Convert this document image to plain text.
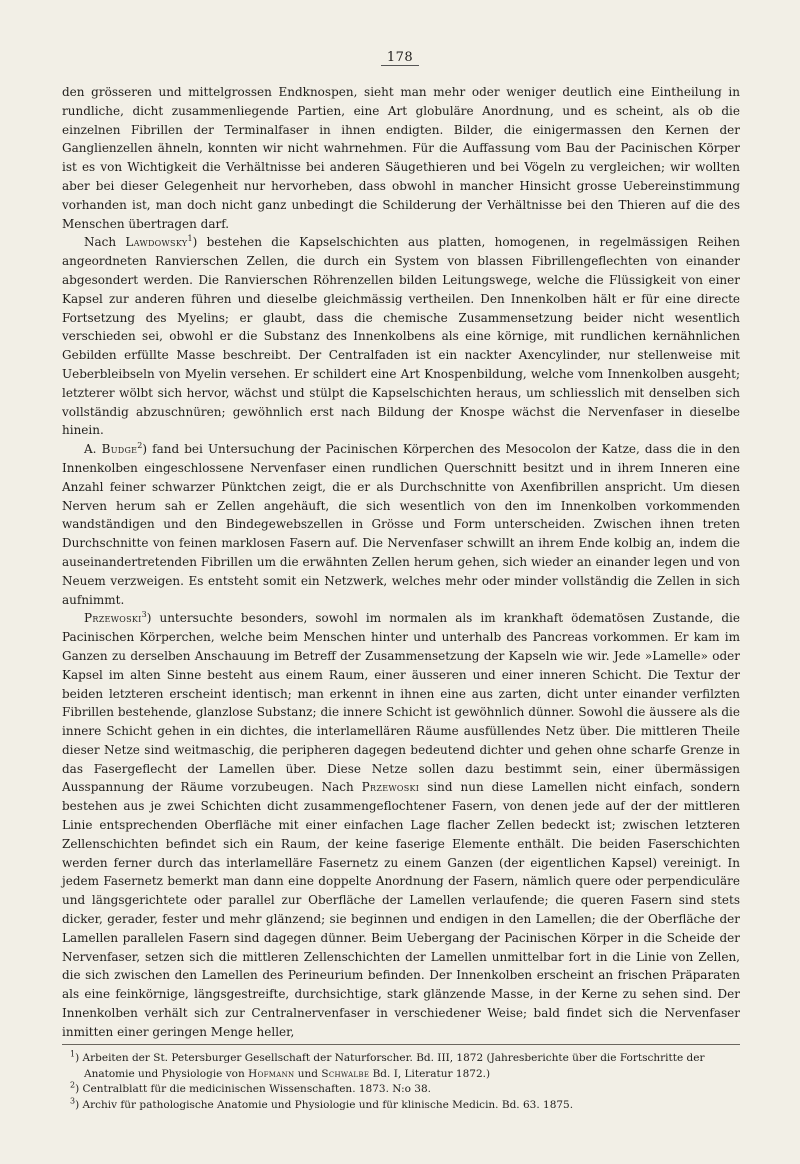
178

den grösseren und mittelgrossen Endknospen, sieht man mehr oder weniger deutlich eine Eintheilung in rundliche, dicht zusammenliegende Partien, eine Art globuläre Anordnung, und es scheint, als ob die einzelnen Fibrillen der Terminalfaser in ihnen endigten. Bilder, die einigermassen den Kernen der Ganglienzellen ähneln, konnten wir nicht wahrnehmen. Für die Auffassung vom Bau der Pacinischen Körper ist es von Wichtigkeit die Verhältnisse bei anderen Säugethieren und bei Vögeln zu vergleichen; wir wollten aber bei dieser Gelegenheit nur hervorheben, dass obwohl in mancher Hinsicht grosse Uebereinstimmung vorhanden ist, man doch nicht ganz unbedingt die Schilderung der Verhältnisse bei den Thieren auf die des Menschen übertragen darf.

Nach Lawdowsky$^1$) bestehen die Kapselschichten aus platten, homogenen, in regelmässigen Reihen angeordneten Ranvierschen Zellen, die durch ein System von blassen Fibrillengeflechten von einander abgesondert werden. Die Ranvierschen Röhrenzellen bilden Leitungswege, welche die Flüssigkeit von einer Kapsel zur anderen führen und dieselbe gleichmässig vertheilen. Den Innenkolben hält er für eine directe Fortsetzung des Myelins; er glaubt, dass die chemische Zusammensetzung beider nicht wesentlich verschieden sei, obwohl er die Substanz des Innenkolbens als eine körnige, mit rundlichen kernähnlichen Gebilden erfüllte Masse beschreibt. Der Centralfaden ist ein nackter Axencylinder, nur stellenweise mit Ueberbleibseln von Myelin versehen. Er schildert eine Art Knospenbildung, welche vom Innenkolben ausgeht; letzterer wölbt sich hervor, wächst und stülpt die Kapselschichten heraus, um schliesslich mit denselben sich vollständig abzuschnüren; gewöhnlich erst nach Bildung der Knospe wächst die Nervenfaser in dieselbe hinein.

A. Budge$^2$) fand bei Untersuchung der Pacinischen Körperchen des Mesocolon der Katze, dass die in den Innenkolben eingeschlossene Nervenfaser einen rundlichen Querschnitt besitzt und in ihrem Inneren eine Anzahl feiner schwarzer Pünktchen zeigt, die er als Durchschnitte von Axenfibrillen anspricht. Um diesen Nerven herum sah er Zellen angehäuft, die sich wesentlich von den im Innenkolben vorkommenden wandständigen und den Bindegewebszellen in Grösse und Form unterscheiden. Zwischen ihnen treten Durchschnitte von feinen marklosen Fasern auf. Die Nervenfaser schwillt an ihrem Ende kolbig an, indem die auseinandertretenden Fibrillen um die erwähnten Zellen herum gehen, sich wieder an einander legen und von Neuem verzweigen. Es entsteht somit ein Netzwerk, welches mehr oder minder vollständig die Zellen in sich aufnimmt.

Przewoski$^3$) untersuchte besonders, sowohl im normalen als im krankhaft ödematösen Zustande, die Pacinischen Körperchen, welche beim Menschen hinter und unterhalb des Pancreas vorkommen. Er kam im Ganzen zu derselben Anschauung im Betreff der Zusammensetzung der Kapseln wie wir. Jede »Lamelle» oder Kapsel im alten Sinne besteht aus einem Raum, einer äusseren und einer inneren Schicht. Die Textur der beiden letzteren erscheint identisch; man erkennt in ihnen eine aus zarten, dicht unter einander verfilzten Fibrillen bestehende, glanzlose Substanz; die innere Schicht ist gewöhnlich dünner. Sowohl die äussere als die innere Schicht gehen in ein dichtes, die interlamellären Räume ausfüllendes Netz über. Die mittleren Theile dieser Netze sind weitmaschig, die peripheren dagegen bedeutend dichter und gehen ohne scharfe Grenze in das Fasergeflecht der Lamellen über. Diese Netze sollen dazu bestimmt sein, einer übermässigen Ausspannung der Räume vorzubeugen. Nach Przewoski sind nun diese Lamellen nicht einfach, sondern bestehen aus je zwei Schichten dicht zusammengeflochtener Fasern, von denen jede auf der der mittleren Linie entsprechenden Oberfläche mit einer einfachen Lage flacher Zellen bedeckt ist; zwischen letzteren Zellenschichten befindet sich ein Raum, der keine faserige Elemente enthält. Die beiden Faserschichten werden ferner durch das interlamelläre Fasernetz zu einem Ganzen (der eigentlichen Kapsel) vereinigt. In jedem Fasernetz bemerkt man dann eine doppelte Anordnung der Fasern, nämlich quere oder perpendiculäre und längsgerichtete oder parallel zur Oberfläche der Lamellen verlaufende; die queren Fasern sind stets dicker, gerader, fester und mehr glänzend; sie beginnen und endigen in den Lamellen; die der Oberfläche der Lamellen parallelen Fasern sind dagegen dünner. Beim Uebergang der Pacinischen Körper in die Scheide der Nervenfaser, setzen sich die mittleren Zellenschichten der Lamellen unmittelbar fort in die Linie von Zellen, die sich zwischen den Lamellen des Perineurium befinden. Der Innenkolben erscheint an frischen Präparaten als eine feinkörnige, längsgestreifte, durchsichtige, stark glänzende Masse, in der Kerne zu sehen sind. Der Innenkolben verhält sich zur Centralnervenfaser in verschiedener Weise; bald findet sich die Nervenfaser inmitten einer geringen Menge heller,

$^1$) Arbeiten der St. Petersburger Gesellschaft der Naturforscher. Bd. III, 1872 (Jahresberichte über die Fortschritte der Anatomie und Physiologie von Hofmann und Schwalbe Bd. I, Literatur 1872.)

$^2$) Centralblatt für die medicinischen Wissenschaften. 1873. N:o 38.

$^3$) Archiv für pathologische Anatomie und Physiologie und für klinische Medicin. Bd. 63. 1875.
